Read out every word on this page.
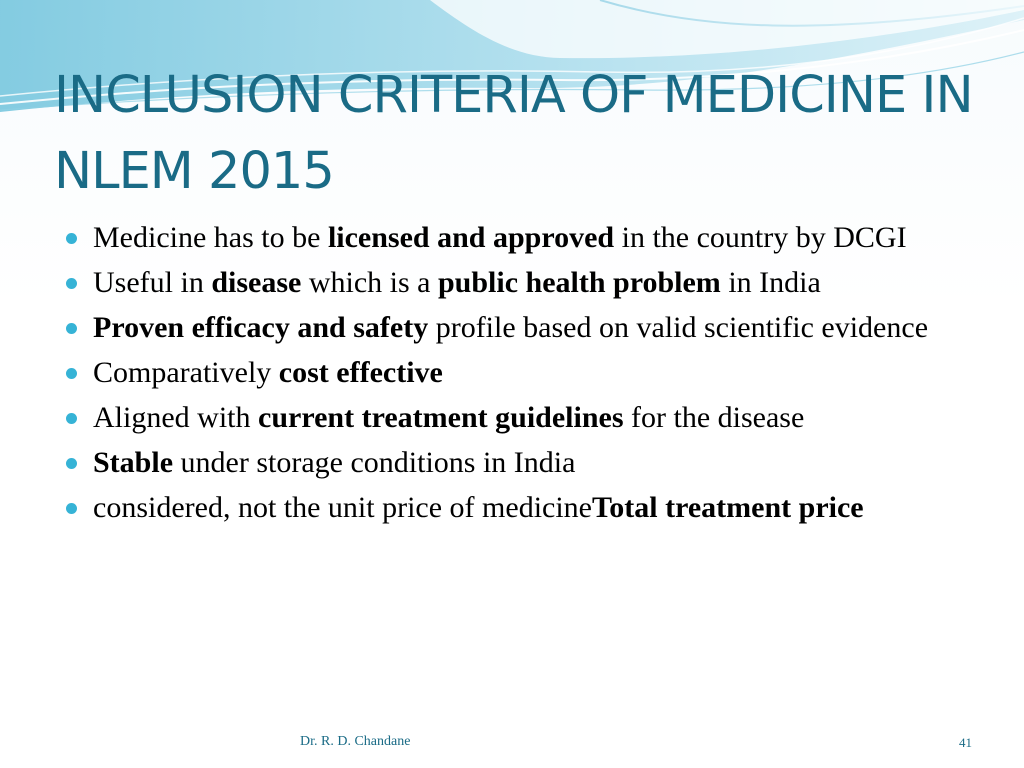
INCLUSION CRITERIA OF MEDICINE IN NLEM 2015
Medicine has to be licensed and approved in the country by DCGI
Useful in disease which is a public health problem in India
Proven efficacy and safety profile based on valid scientific evidence
Comparatively cost effective
Aligned with current treatment guidelines for the disease
Stable under storage conditions in India
considered, not the unit price of medicineTotal treatment price
Dr. R. D. Chandane	41
